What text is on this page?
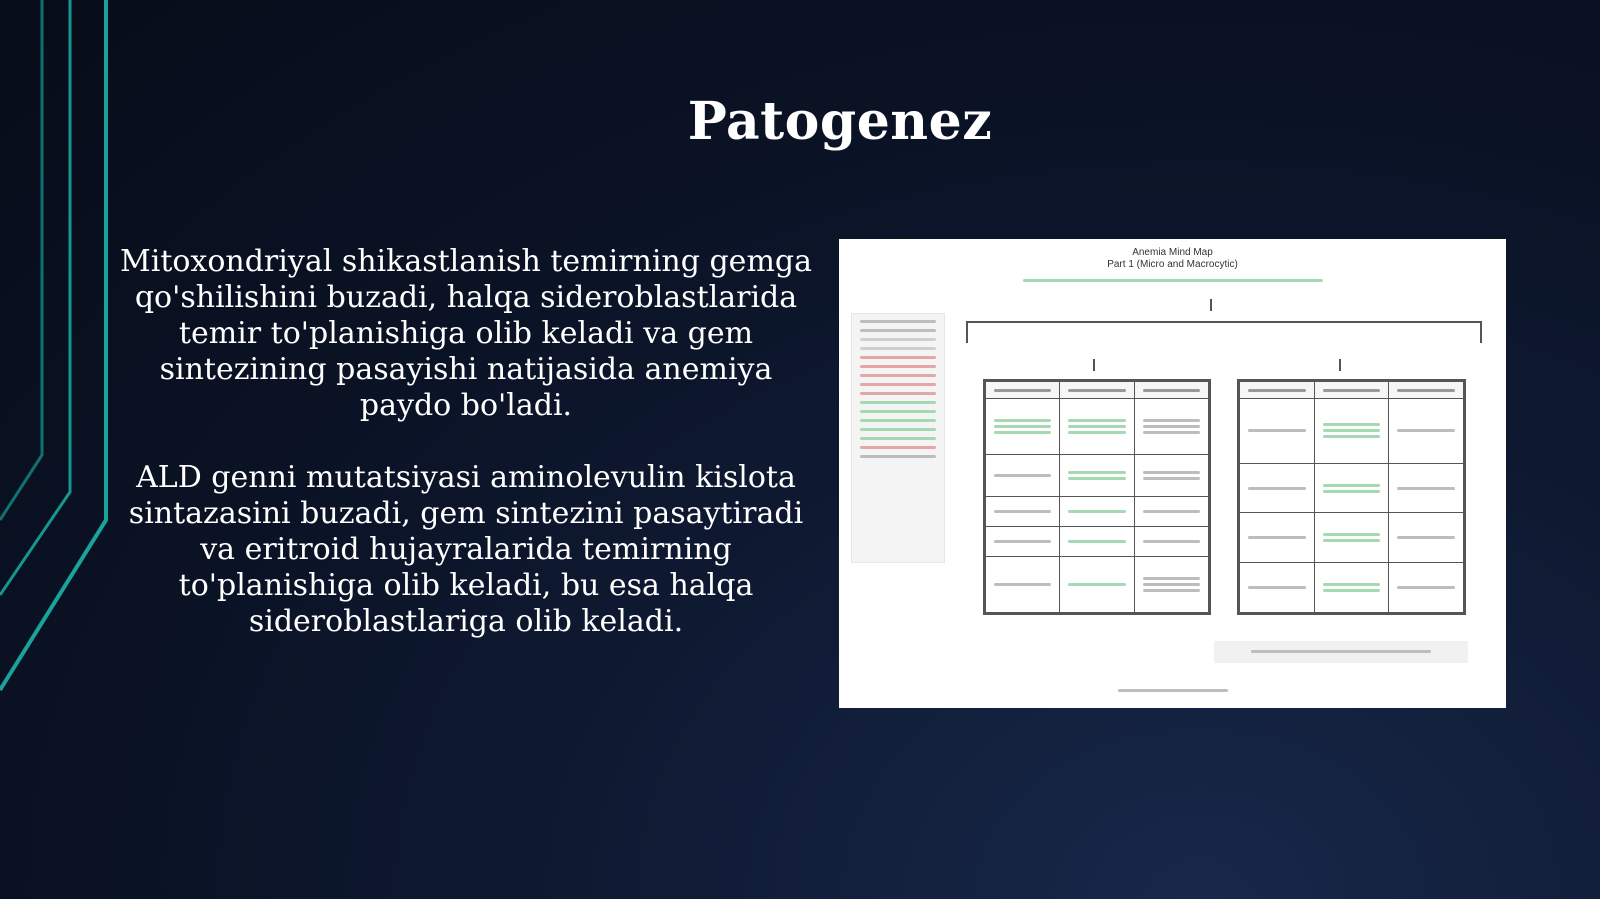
Patogenez

Mitoxondriyal shikastlanish temirning gemga qo'shilishini buzadi, halqa sideroblastlarida temir to'planishiga olib keladi va gem sintezining pasayishi natijasida anemiya paydo bo'ladi.

ALD genni mutatsiyasi aminolevulin kislota sintazasini buzadi, gem sintezini pasaytiradi va eritroid hujayralarida temirning to'planishiga olib keladi, bu esa halqa sideroblastlariga olib keladi.

Anemia Mind Map
Part 1 (Micro and Macrocytic)
